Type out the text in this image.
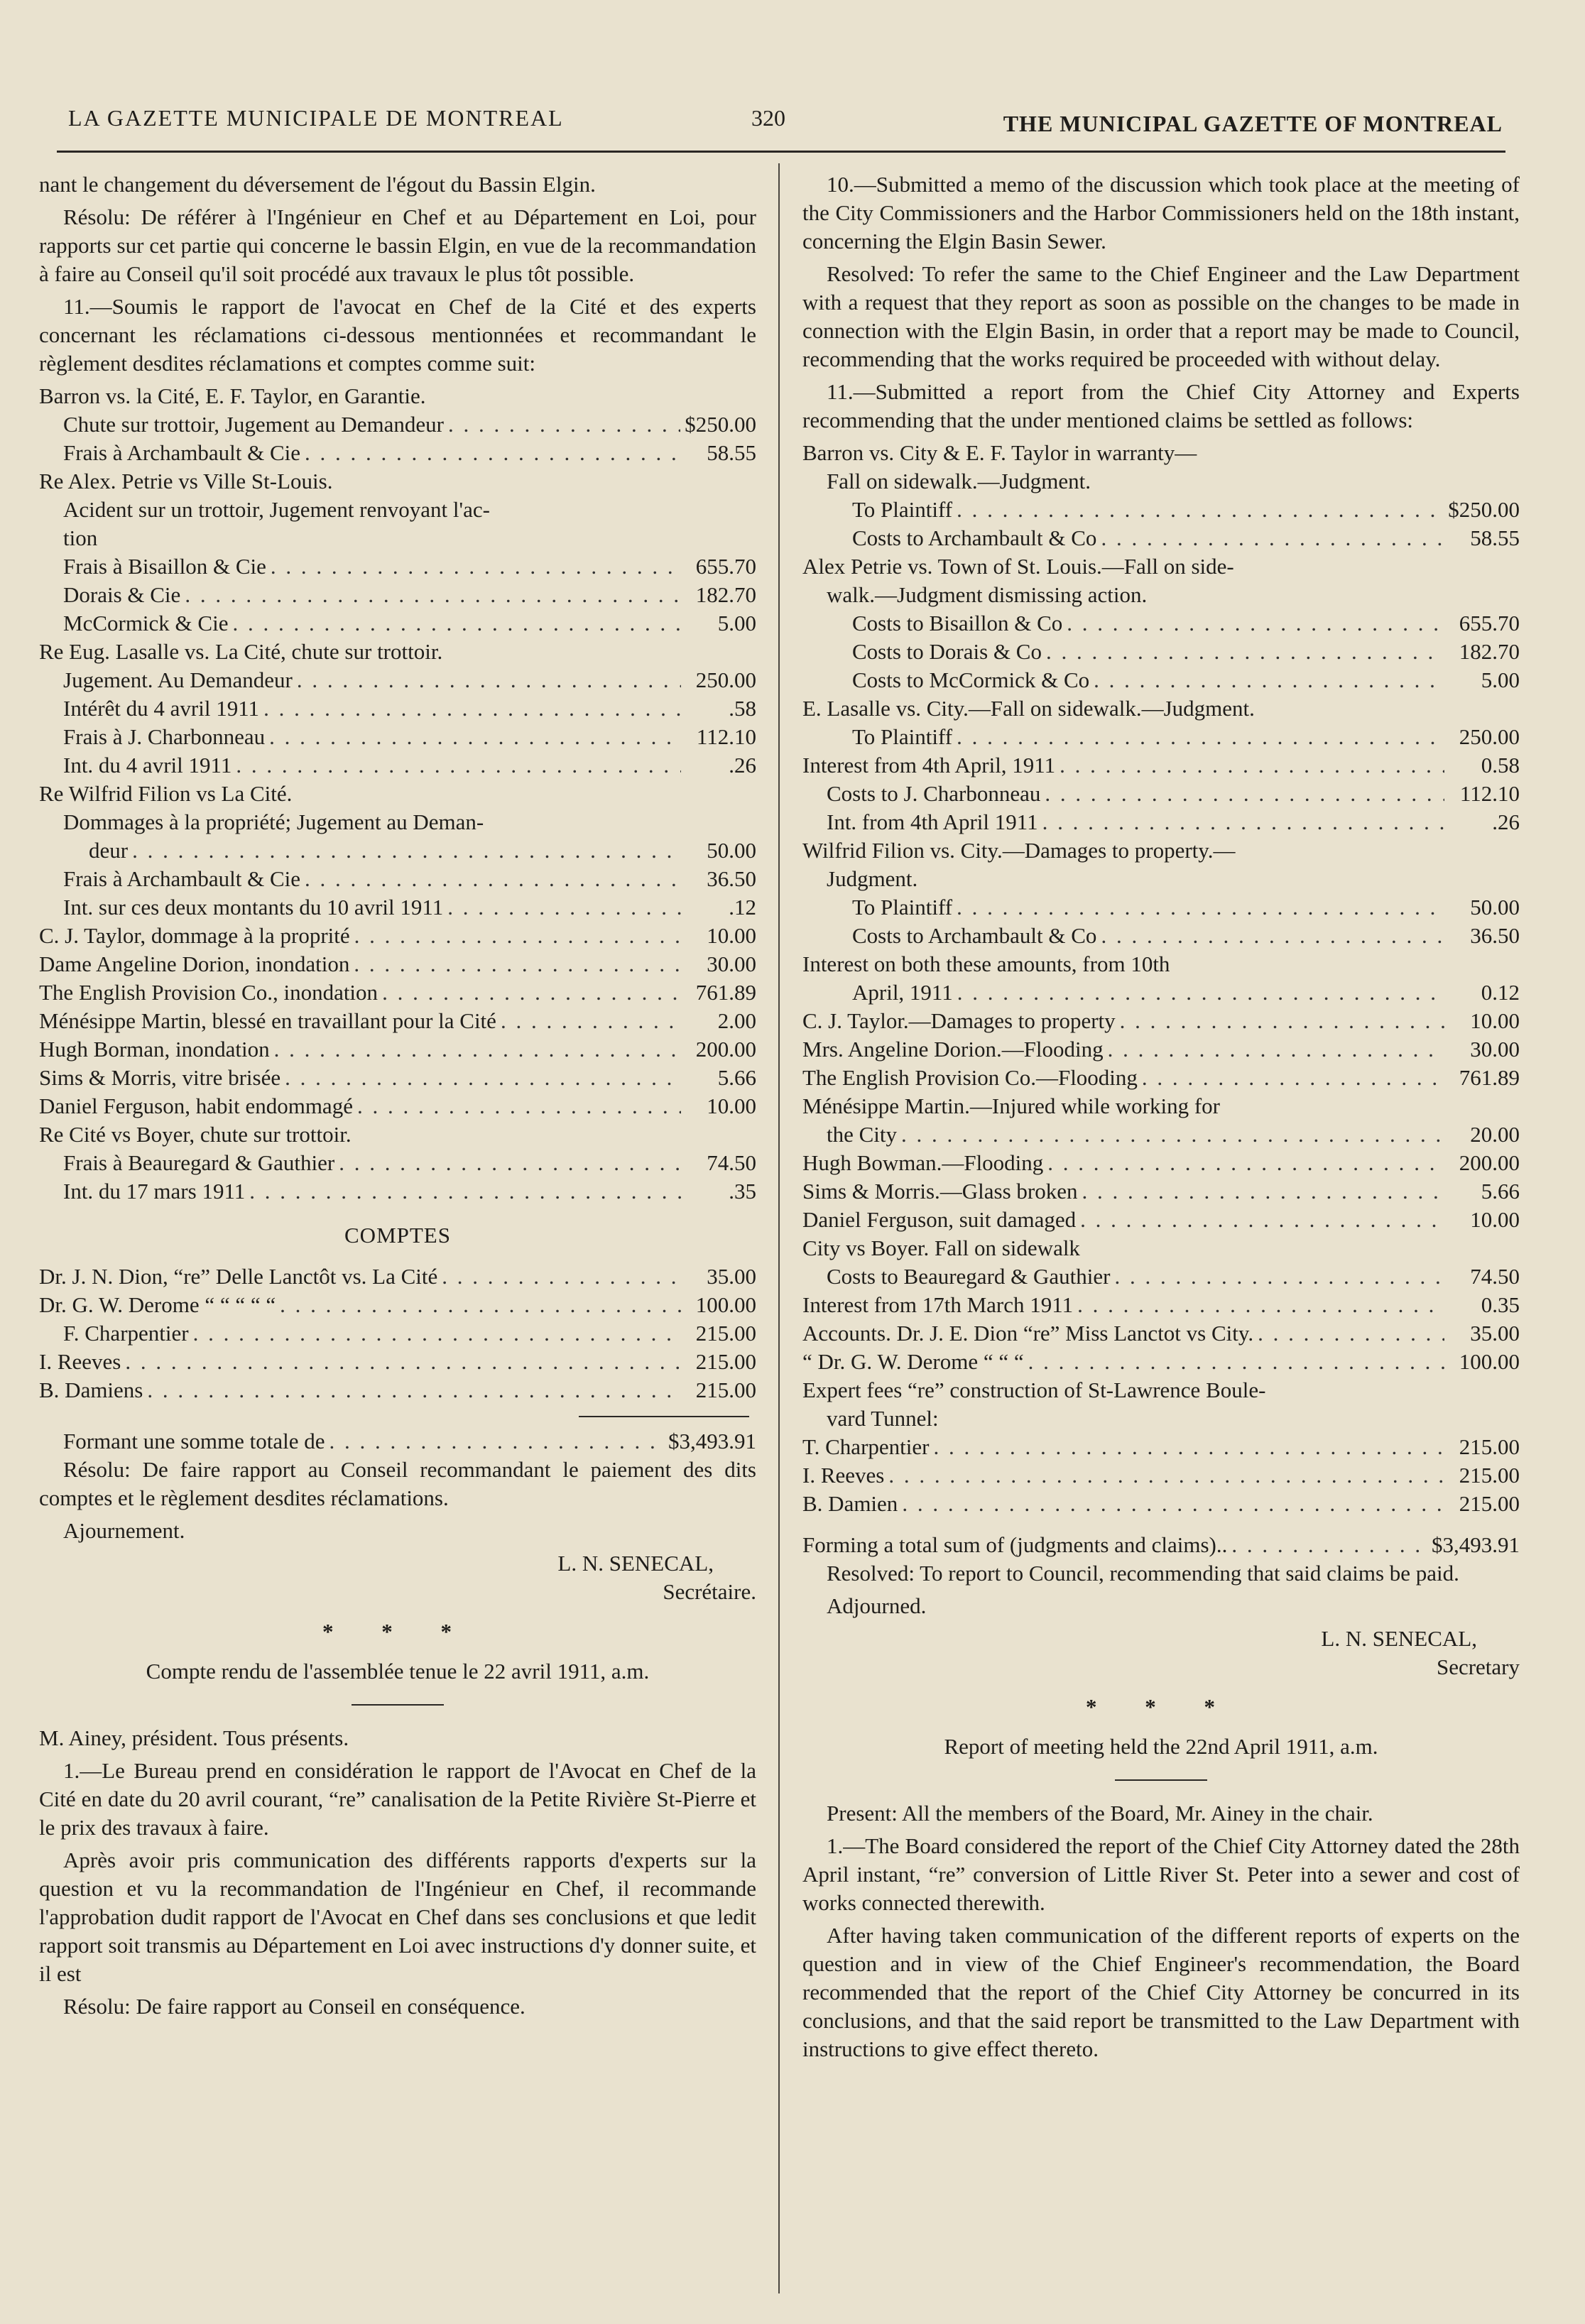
LA GAZETTE MUNICIPALE DE MONTREAL	320	THE MUNICIPAL GAZETTE OF MONTREAL

nant le changement du déversement de l'égout du Bassin Elgin.

Résolu: De référer à l'Ingénieur en Chef et au Département en Loi, pour rapports sur cet partie qui concerne le bassin Elgin, en vue de la recommandation à faire au Conseil qu'il soit procédé aux travaux le plus tôt possible.

11.—Soumis le rapport de l'avocat en Chef de la Cité et des experts concernant les réclamations ci-dessous mentionnées et recommandant le règlement desdites réclamations et comptes comme suit:

Barron vs. la Cité, E. F. Taylor, en Garantie.
Chute sur trottoir, Jugement au Demandeur . . .	$250.00
Frais à Archambault & Cie . . .	58.55
Re Alex. Petrie vs Ville St-Louis.
Acident sur un trottoir, Jugement renvoyant l'ac-
tion
Frais à Bisaillon & Cie . . .	655.70
Dorais & Cie . . .	182.70
McCormick & Cie . . .	5.00
Re Eug. Lasalle vs. La Cité, chute sur trottoir.
Jugement. Au Demandeur . . .	250.00
Intérêt du 4 avril 1911 . . .	.58
Frais à J. Charbonneau . . .	112.10
Int. du 4 avril 1911 . . .	.26
Re Wilfrid Filion vs La Cité.
Dommages à la propriété; Jugement au Deman-
deur . . .	50.00
Frais à Archambault & Cie . . .	36.50
Int. sur ces deux montants du 10 avril 1911 . . .	.12
C. J. Taylor, dommage à la proprité . . .	10.00
Dame Angeline Dorion, inondation . . .	30.00
The English Provision Co., inondation . . .	761.89
Ménésippe Martin, blessé en travaillant pour la Cité . . .	2.00
Hugh Borman, inondation . . .	200.00
Sims & Morris, vitre brisée . . .	5.66
Daniel Ferguson, habit endommagé . . .	10.00
Re Cité vs Boyer, chute sur trottoir.
Frais à Beauregard & Gauthier . . .	74.50
Int. du 17 mars 1911 . . .	.35
COMPTES
Dr. J. N. Dion, “re” Delle Lanctôt vs. La Cité . . .	35.00
Dr. G. W. Derome “ “ “ “ “ . . .	100.00
F. Charpentier . . .	215.00
I. Reeves . . .	215.00
B. Damiens . . .	215.00
Formant une somme totale de . . .	$3,493.91

Résolu: De faire rapport au Conseil recommandant le paiement des dits comptes et le règlement desdites réclamations.

Ajournement.

L. N. SENECAL,
Secrétaire.
* * *
Compte rendu de l'assemblée tenue le 22 avril 1911, a.m.

M. Ainey, président. Tous présents.

1.—Le Bureau prend en considération le rapport de l'Avocat en Chef de la Cité en date du 20 avril courant, “re” canalisation de la Petite Rivière St-Pierre et le prix des travaux à faire.

Après avoir pris communication des différents rapports d'experts sur la question et vu la recommandation de l'Ingénieur en Chef, il recommande l'approbation dudit rapport de l'Avocat en Chef dans ses conclusions et que ledit rapport soit transmis au Département en Loi avec instructions d'y donner suite, et il est

Résolu: De faire rapport au Conseil en conséquence.

10.—Submitted a memo of the discussion which took place at the meeting of the City Commissioners and the Harbor Commissioners held on the 18th instant, concerning the Elgin Basin Sewer.

Resolved: To refer the same to the Chief Engineer and the Law Department with a request that they report as soon as possible on the changes to be made in connection with the Elgin Basin, in order that a report may be made to Council, recommending that the works required be proceeded with without delay.

11.—Submitted a report from the Chief City Attorney and Experts recommending that the under mentioned claims be settled as follows:

Barron vs. City & E. F. Taylor in warranty—
Fall on sidewalk.—Judgment.
To Plaintiff . . .	$250.00
Costs to Archambault & Co . . .	58.55
Alex Petrie vs. Town of St. Louis.—Fall on side-
walk.—Judgment dismissing action.
Costs to Bisaillon & Co . . .	655.70
Costs to Dorais & Co . . .	182.70
Costs to McCormick & Co . . .	5.00
E. Lasalle vs. City.—Fall on sidewalk.—Judgment.
To Plaintiff . . .	250.00
Interest from 4th April, 1911 . . .	0.58
Costs to J. Charbonneau . . .	112.10
Int. from 4th April 1911 . . .	.26
Wilfrid Filion vs. City.—Damages to property.—
Judgment.
To Plaintiff . . .	50.00
Costs to Archambault & Co . . .	36.50
Interest on both these amounts, from 10th
April, 1911 . . .	0.12
C. J. Taylor.—Damages to property . . .	10.00
Mrs. Angeline Dorion.—Flooding . . .	30.00
The English Provision Co.—Flooding . . .	761.89
Ménésippe Martin.—Injured while working for
the City . . .	20.00
Hugh Bowman.—Flooding . . .	200.00
Sims & Morris.—Glass broken . . .	5.66
Daniel Ferguson, suit damaged . . .	10.00
City vs Boyer. Fall on sidewalk
Costs to Beauregard & Gauthier . . .	74.50
Interest from 17th March 1911 . . .	0.35
Accounts. Dr. J. E. Dion “re” Miss Lanctot vs City. . . .	35.00
“ Dr. G. W. Derome “ “ “ . . .	100.00
Expert fees “re” construction of St-Lawrence Boule-
vard Tunnel:
T. Charpentier . . .	215.00
I. Reeves . . .	215.00
B. Damien . . .	215.00
Forming a total sum of (judgments and claims).. . . .	$3,493.91

Resolved: To report to Council, recommending that said claims be paid.

Adjourned.

L. N. SENECAL,
Secretary
* * *
Report of meeting held the 22nd April 1911, a.m.

Present: All the members of the Board, Mr. Ainey in the chair.

1.—The Board considered the report of the Chief City Attorney dated the 28th April instant, “re” conversion of Little River St. Peter into a sewer and cost of works connected therewith.

After having taken communication of the different reports of experts on the question and in view of the Chief Engineer's recommendation, the Board recommended that the report of the Chief City Attorney be concurred in its conclusions, and that the said report be transmitted to the Law Department with instructions to give effect thereto.
